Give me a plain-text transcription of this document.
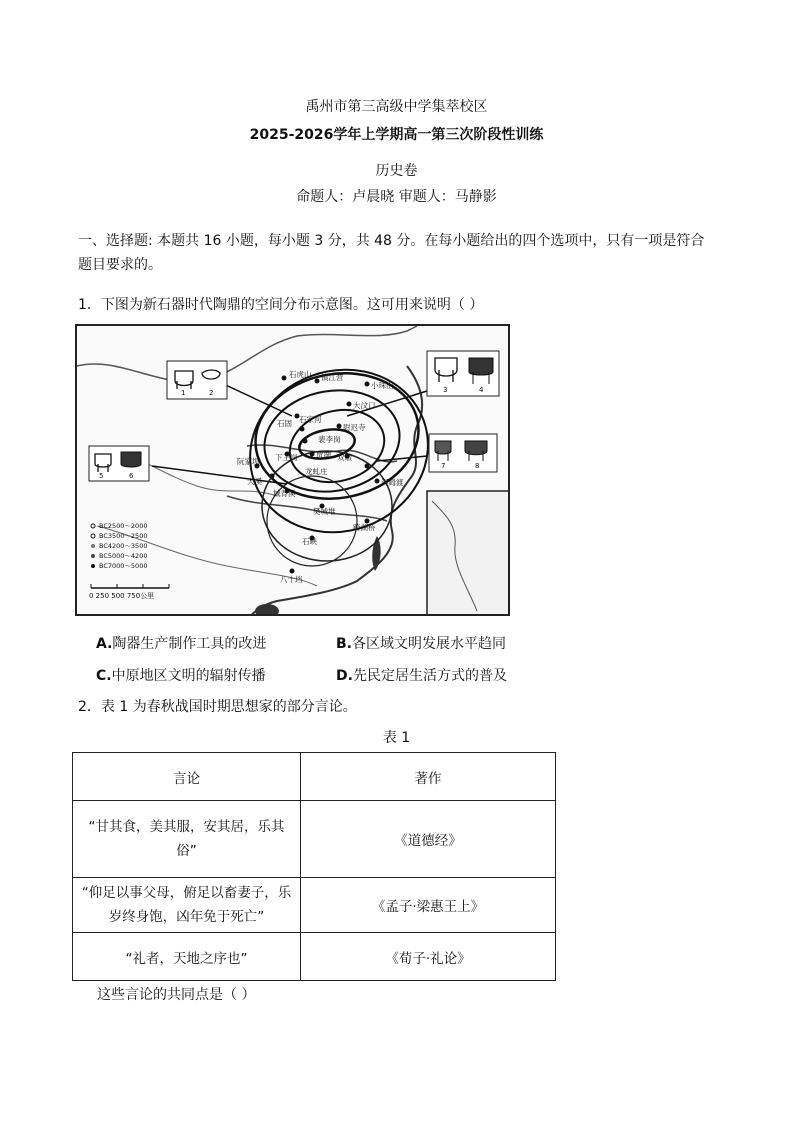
禹州市第三高级中学集萃校区
2025-2026学年上学期高一第三次阶段性训练
历史卷
命题人：卢晨晓 审题人：马静影
一、选择题: 本题共 16 小题，每小题 3 分，共 48 分。在每小题给出的四个选项中，只有一项是符合题目要求的。
1．下图为新石器时代陶鼎的空间分布示意图。这可用来说明（ ）
石虎山 镇江营
小珠山
大汶口
裴李岗
贾湖 双墩
尉迟寺
下王岗
龙虬庄
河姆渡
樊城堆
跨湖桥
石峡
石固
阮家坝
城背溪
大溪
石家河
八十垱
1	2	3	4
5	6
7	8
BC2500～2000
BC3500～2500
BC4200～3500
BC5000～4200
BC7000～5000
0 250 500 750公里
A.陶器生产制作工具的改进	B.各区域文明发展水平趋同
C.中原地区文明的辐射传播	D.先民定居生活方式的普及
2．表 1 为春秋战国时期思想家的部分言论。
表 1
言论	著作
“甘其食，美其服，安其居，乐其俗”	《道德经》
“仰足以事父母，俯足以畜妻子，乐岁终身饱，凶年免于死亡”	《孟子·梁惠王上》
“礼者，天地之序也”	《荀子·礼论》
这些言论的共同点是（ ）
